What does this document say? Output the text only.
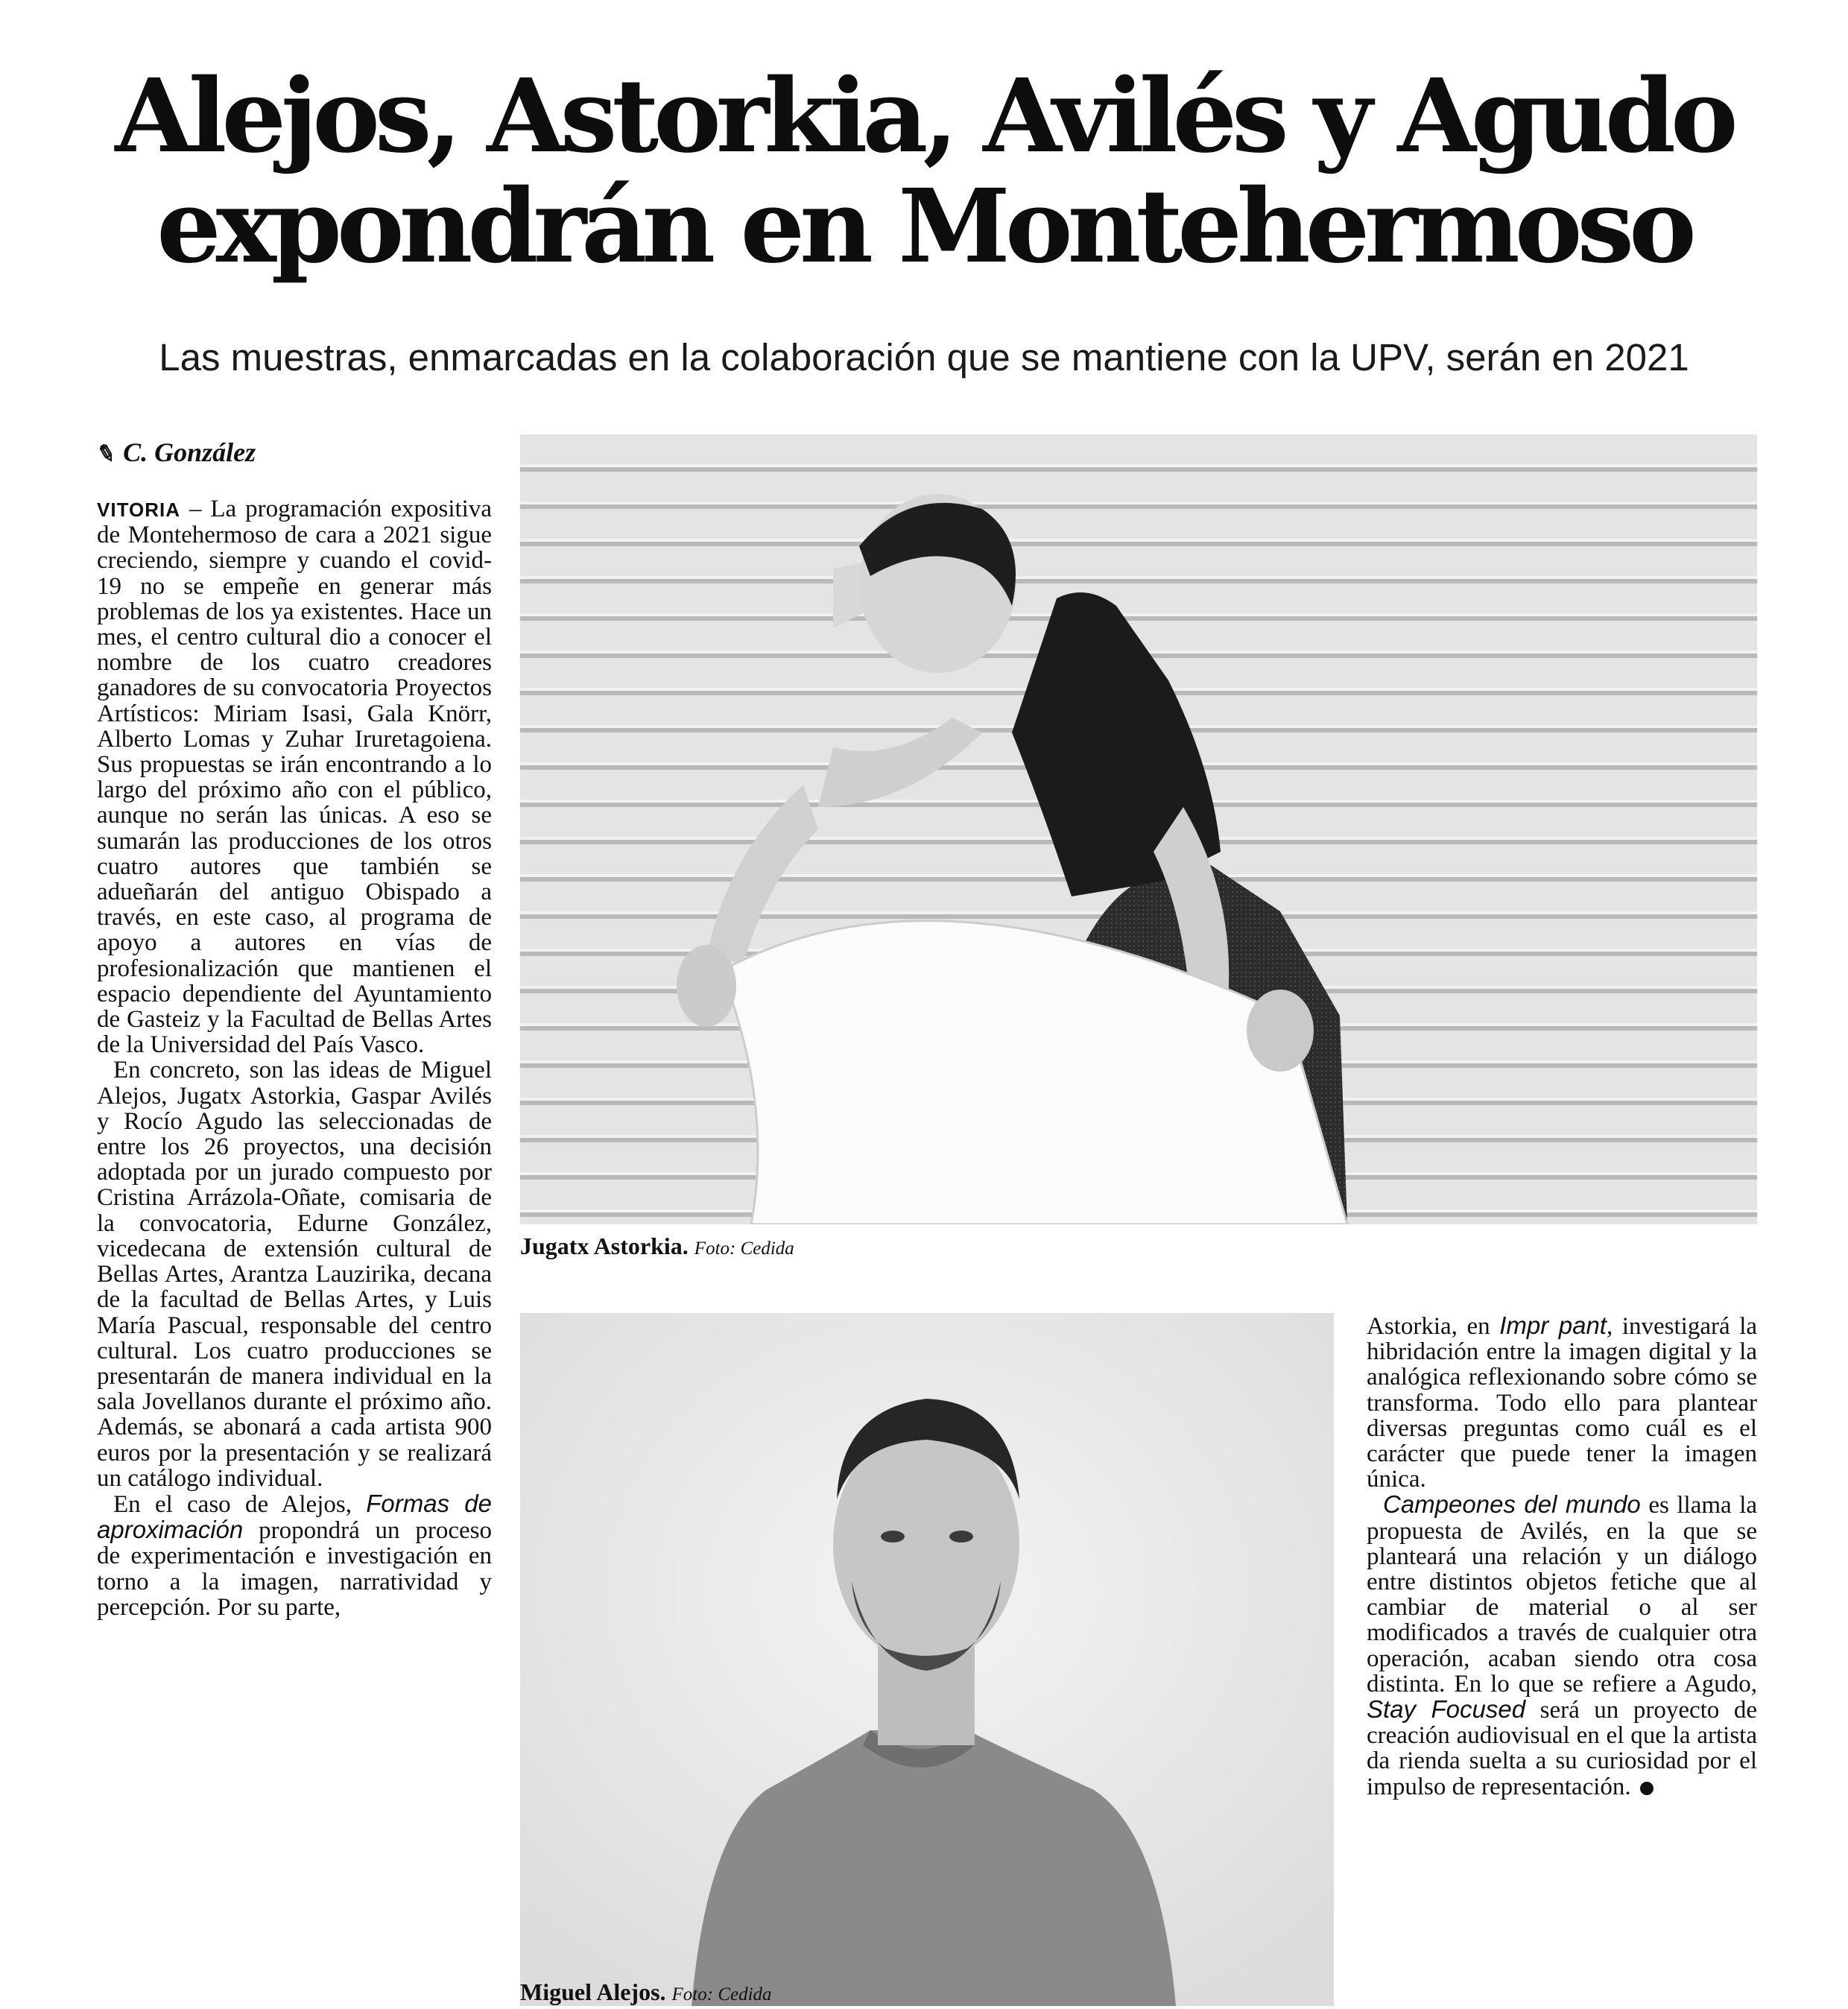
Alejos, Astorkia, Avilés y Agudo
expondrán en Montehermoso
Las muestras, enmarcadas en la colaboración que se mantiene con la UPV, serán en 2021
✎ C. González

VITORIA – La programación expositiva de Montehermoso de cara a 2021 sigue creciendo, siempre y cuando el covid-19 no se empeñe en generar más problemas de los ya existentes. Hace un mes, el centro cultural dio a conocer el nombre de los cuatro creadores ganadores de su convocatoria Proyectos Artísticos: Miriam Isasi, Gala Knörr, Alberto Lomas y Zuhar Iruretagoiena. Sus propuestas se irán encontrando a lo largo del próximo año con el público, aunque no serán las únicas. A eso se sumarán las producciones de los otros cuatro autores que también se adueñarán del antiguo Obispado a través, en este caso, al programa de apoyo a autores en vías de profesionalización que mantienen el espacio dependiente del Ayuntamiento de Gasteiz y la Facultad de Bellas Artes de la Universidad del País Vasco.

En concreto, son las ideas de Miguel Alejos, Jugatx Astorkia, Gaspar Avilés y Rocío Agudo las seleccionadas de entre los 26 proyectos, una decisión adoptada por un jurado compuesto por Cristina Arrázola-Oñate, comisaria de la convocatoria, Edurne González, vicedecana de extensión cultural de Bellas Artes, Arantza Lauzirika, decana de la facultad de Bellas Artes, y Luis María Pascual, responsable del centro cultural. Los cuatro producciones se presentarán de manera individual en la sala Jovellanos durante el próximo año. Además, se abonará a cada artista 900 euros por la presentación y se realizará un catálogo individual.

En el caso de Alejos, Formas de aproximación propondrá un proceso de experimentación e investigación en torno a la imagen, narratividad y percepción. Por su parte,

Jugatx Astorkia. Foto: Cedida
Miguel Alejos. Foto: Cedida

Astorkia, en Impr pant, investigará la hibridación entre la imagen digital y la analógica reflexionando sobre cómo se transforma. Todo ello para plantear diversas preguntas como cuál es el carácter que puede tener la imagen única.

Campeones del mundo es llama la propuesta de Avilés, en la que se planteará una relación y un diálogo entre distintos objetos fetiche que al cambiar de material o al ser modificados a través de cualquier otra operación, acaban siendo otra cosa distinta. En lo que se refiere a Agudo, Stay Focused será un proyecto de creación audiovisual en el que la artista da rienda suelta a su curiosidad por el impulso de representación.
